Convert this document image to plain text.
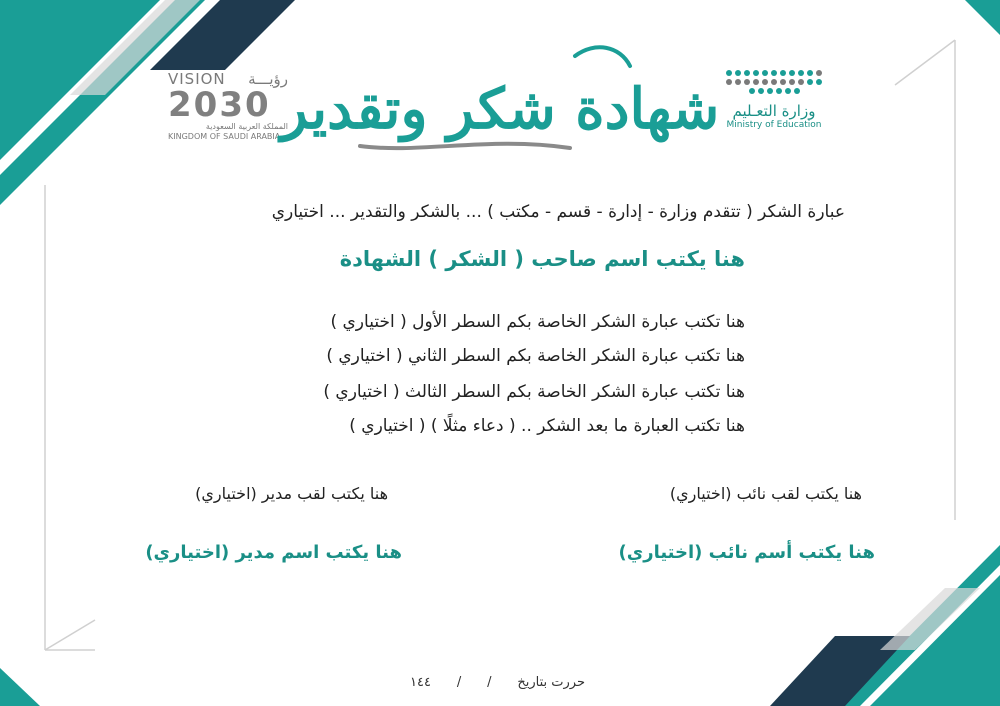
VISION رؤيـــة
2030
المملكة العربية السعودية
KINGDOM OF SAUDI ARABIA شهادة شكر وتقدير وزارة التعـليم
Ministry of Education
عبارة الشكر ( تتقدم وزارة - إدارة - قسم - مكتب ) ... بالشكر والتقدير ... اختياري
هنا يكتب اسم صاحب ( الشكر ) الشهادة
هنا تكتب عبارة الشكر الخاصة بكم السطر الأول ( اختياري )
هنا تكتب عبارة الشكر الخاصة بكم السطر الثاني ( اختياري )
هنا تكتب عبارة الشكر الخاصة بكم السطر الثالث ( اختياري )
هنا تكتب العبارة ما بعد الشكر .. ( دعاء مثلًا ) ( اختياري )
هنا يكتب لقب نائب (اختياري)
هنا يكتب أسم نائب (اختياري)
هنا يكتب لقب مدير (اختياري)
هنا يكتب اسم مدير (اختياري)
حررت بتاريخ
/
/
١٤٤
